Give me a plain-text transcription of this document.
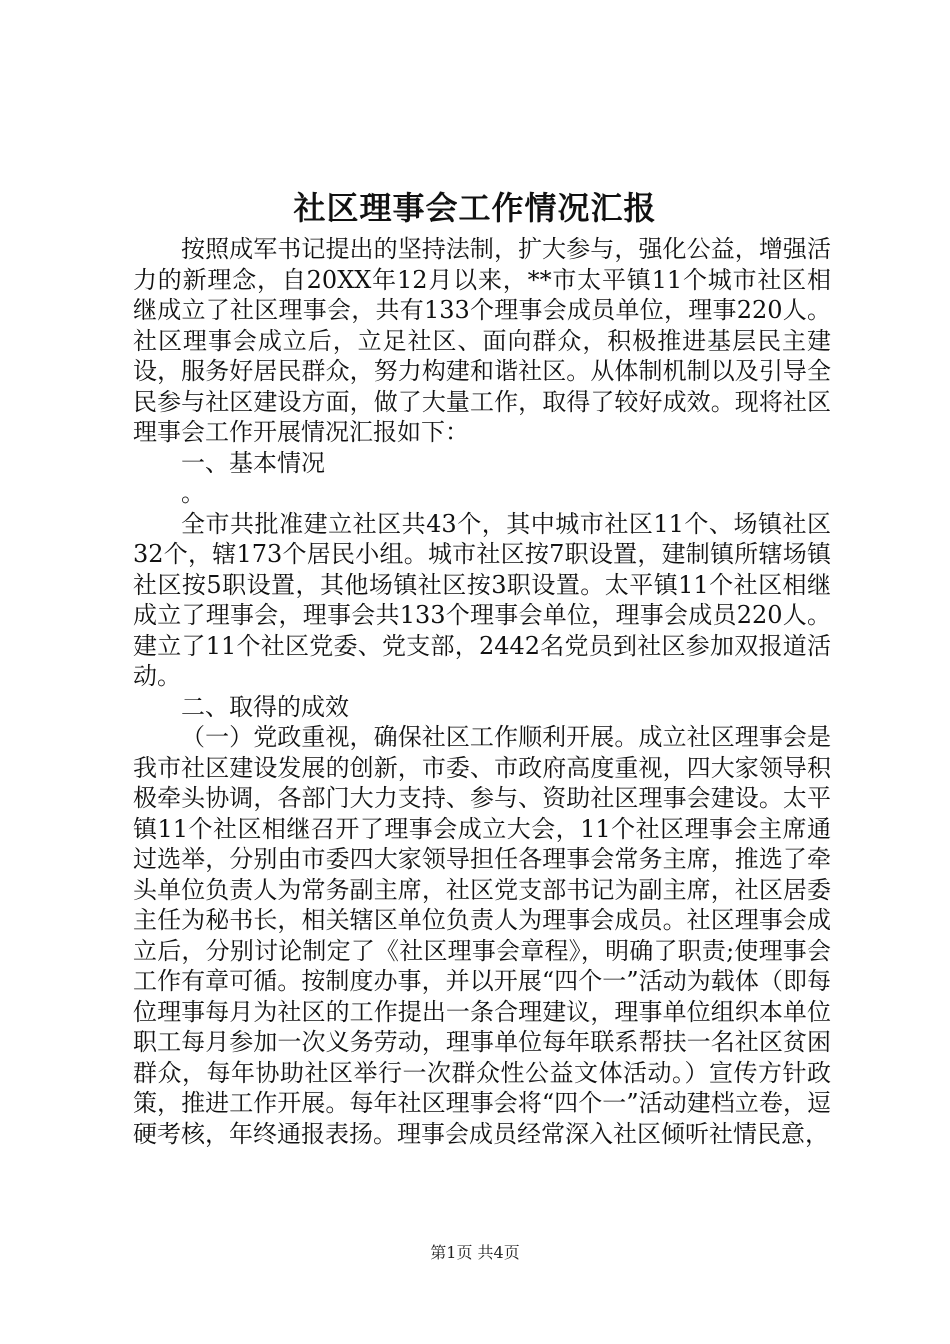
社区理事会工作情况汇报

按照成军书记提出的坚持法制，扩大参与，强化公益，增强活力的新理念，自20XX年12月以来，**市太平镇11个城市社区相继成立了社区理事会，共有133个理事会成员单位，理事220人。社区理事会成立后，立足社区、面向群众，积极推进基层民主建设，服务好居民群众，努力构建和谐社区。从体制机制以及引导全民参与社区建设方面，做了大量工作，取得了较好成效。现将社区理事会工作开展情况汇报如下：

一、基本情况

。

全市共批准建立社区共43个，其中城市社区11个、场镇社区32个，辖173个居民小组。城市社区按7职设置，建制镇所辖场镇社区按5职设置，其他场镇社区按3职设置。太平镇11个社区相继成立了理事会，理事会共133个理事会单位，理事会成员220人。建立了11个社区党委、党支部，2442名党员到社区参加双报道活动。

二、取得的成效

（一）党政重视，确保社区工作顺利开展。成立社区理事会是我市社区建设发展的创新，市委、市政府高度重视，四大家领导积极牵头协调，各部门大力支持、参与、资助社区理事会建设。太平镇11个社区相继召开了理事会成立大会，11个社区理事会主席通过选举，分别由市委四大家领导担任各理事会常务主席，推选了牵头单位负责人为常务副主席，社区党支部书记为副主席，社区居委主任为秘书长，相关辖区单位负责人为理事会成员。社区理事会成立后，分别讨论制定了《社区理事会章程》，明确了职责;使理事会工作有章可循。按制度办事，并以开展“四个一”活动为载体（即每位理事每月为社区的工作提出一条合理建议，理事单位组织本单位职工每月参加一次义务劳动，理事单位每年联系帮扶一名社区贫困群众，每年协助社区举行一次群众性公益文体活动。）宣传方针政策，推进工作开展。每年社区理事会将“四个一”活动建档立卷，逗硬考核，年终通报表扬。理事会成员经常深入社区倾听社情民意，

第1页 共4页
